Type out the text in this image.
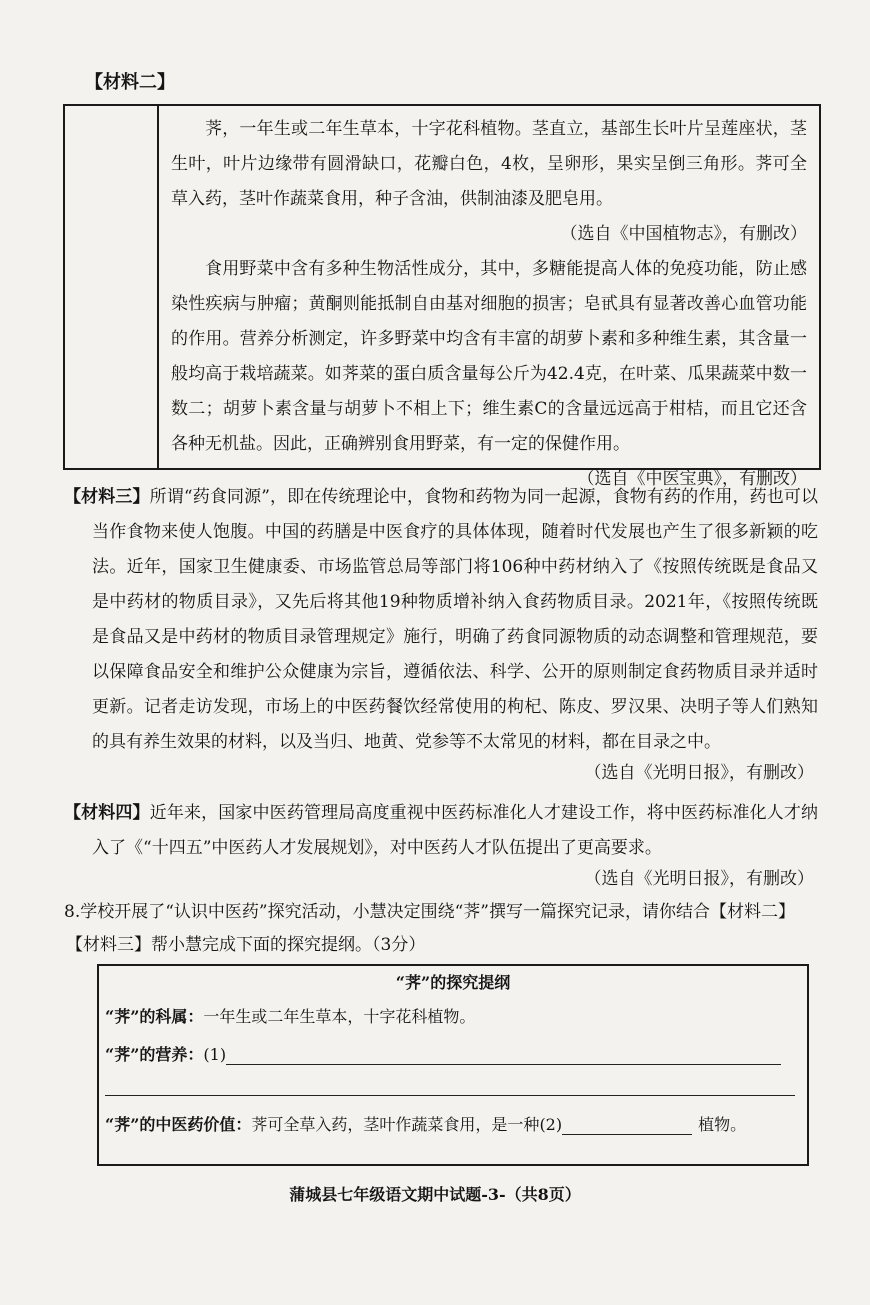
【材料二】

荠，一年生或二年生草本，十字花科植物。茎直立，基部生长叶片呈莲座状，茎生叶，叶片边缘带有圆滑缺口，花瓣白色，4枚，呈卵形，果实呈倒三角形。荠可全草入药，茎叶作蔬菜食用，种子含油，供制油漆及肥皂用。

（选自《中国植物志》，有删改）

食用野菜中含有多种生物活性成分，其中，多糖能提高人体的免疫功能，防止感染性疾病与肿瘤；黄酮则能抵制自由基对细胞的损害；皂甙具有显著改善心血管功能的作用。营养分析测定，许多野菜中均含有丰富的胡萝卜素和多种维生素，其含量一般均高于栽培蔬菜。如荠菜的蛋白质含量每公斤为42.4克，在叶菜、瓜果蔬菜中数一数二；胡萝卜素含量与胡萝卜不相上下；维生素C的含量远远高于柑桔，而且它还含各种无机盐。因此，正确辨别食用野菜，有一定的保健作用。

（选自《中医宝典》，有删改）

【材料三】所谓“药食同源”，即在传统理论中，食物和药物为同一起源，食物有药的作用，药也可以当作食物来使人饱腹。中国的药膳是中医食疗的具体体现，随着时代发展也产生了很多新颖的吃法。近年，国家卫生健康委、市场监管总局等部门将106种中药材纳入了《按照传统既是食品又是中药材的物质目录》，又先后将其他19种物质增补纳入食药物质目录。2021年，《按照传统既是食品又是中药材的物质目录管理规定》施行，明确了药食同源物质的动态调整和管理规范，要以保障食品安全和维护公众健康为宗旨，遵循依法、科学、公开的原则制定食药物质目录并适时更新。记者走访发现，市场上的中医药餐饮经常使用的枸杞、陈皮、罗汉果、决明子等人们熟知的具有养生效果的材料，以及当归、地黄、党参等不太常见的材料，都在目录之中。

（选自《光明日报》，有删改）

【材料四】近年来，国家中医药管理局高度重视中医药标准化人才建设工作，将中医药标准化人才纳入了《“十四五”中医药人才发展规划》，对中医药人才队伍提出了更高要求。

（选自《光明日报》，有删改）

8.学校开展了“认识中医药”探究活动，小慧决定围绕“荠”撰写一篇探究记录，请你结合【材料二】【材料三】帮小慧完成下面的探究提纲。（3分）

“荠”的探究提纲
“荠”的科属：一年生或二年生草本，十字花科植物。
“荠”的营养：(1)
“荠”的中医药价值：荠可全草入药，茎叶作蔬菜食用，是一种(2)	植物。
蒲城县七年级语文期中试题-3-（共8页）
